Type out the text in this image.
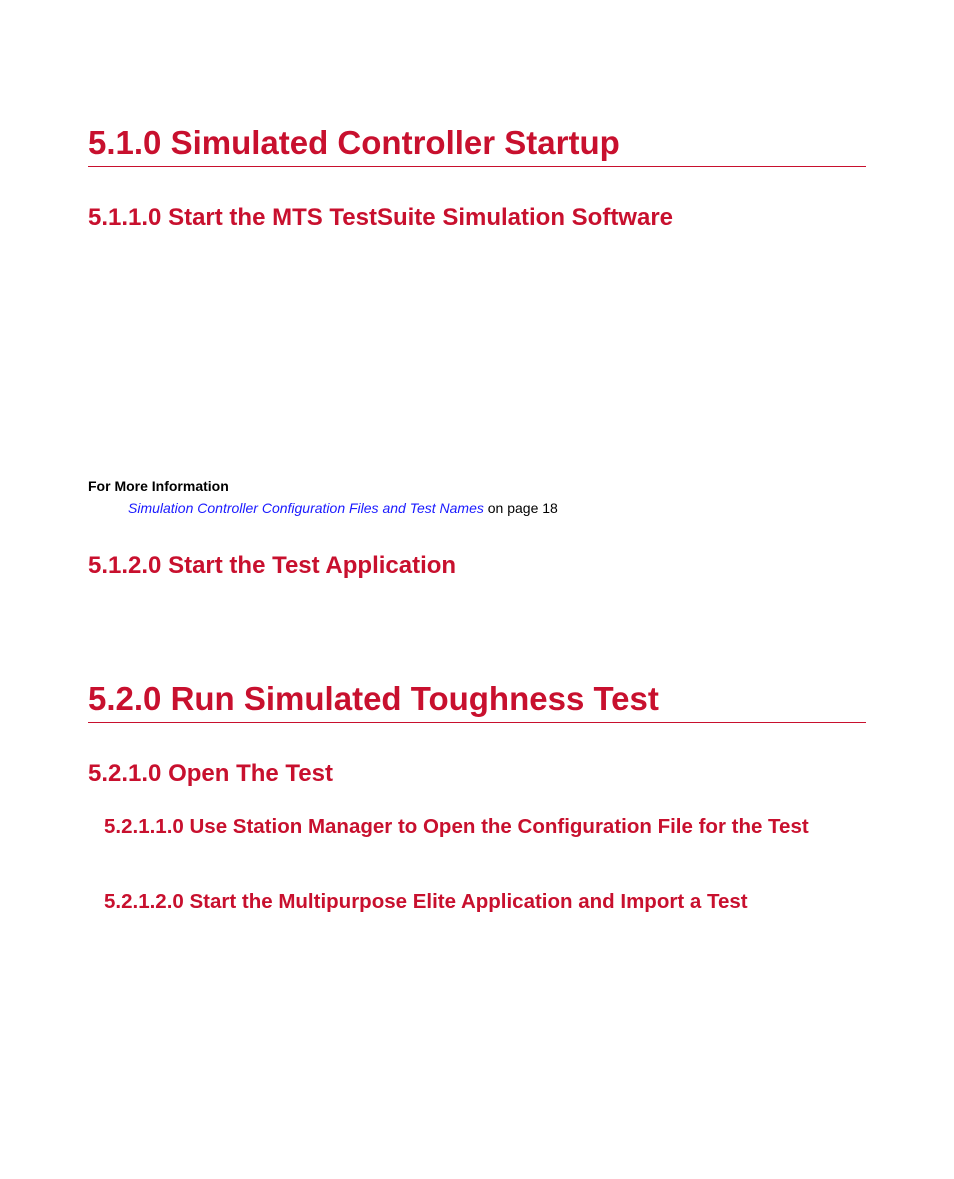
5.1.0 Simulated Controller Startup
5.1.1.0 Start the MTS TestSuite Simulation Software
For More Information
Simulation Controller Configuration Files and Test Names on page 18
5.1.2.0 Start the Test Application
5.2.0 Run Simulated Toughness Test
5.2.1.0 Open The Test
5.2.1.1.0 Use Station Manager to Open the Configuration File for the Test
5.2.1.2.0 Start the Multipurpose Elite Application and Import a Test
